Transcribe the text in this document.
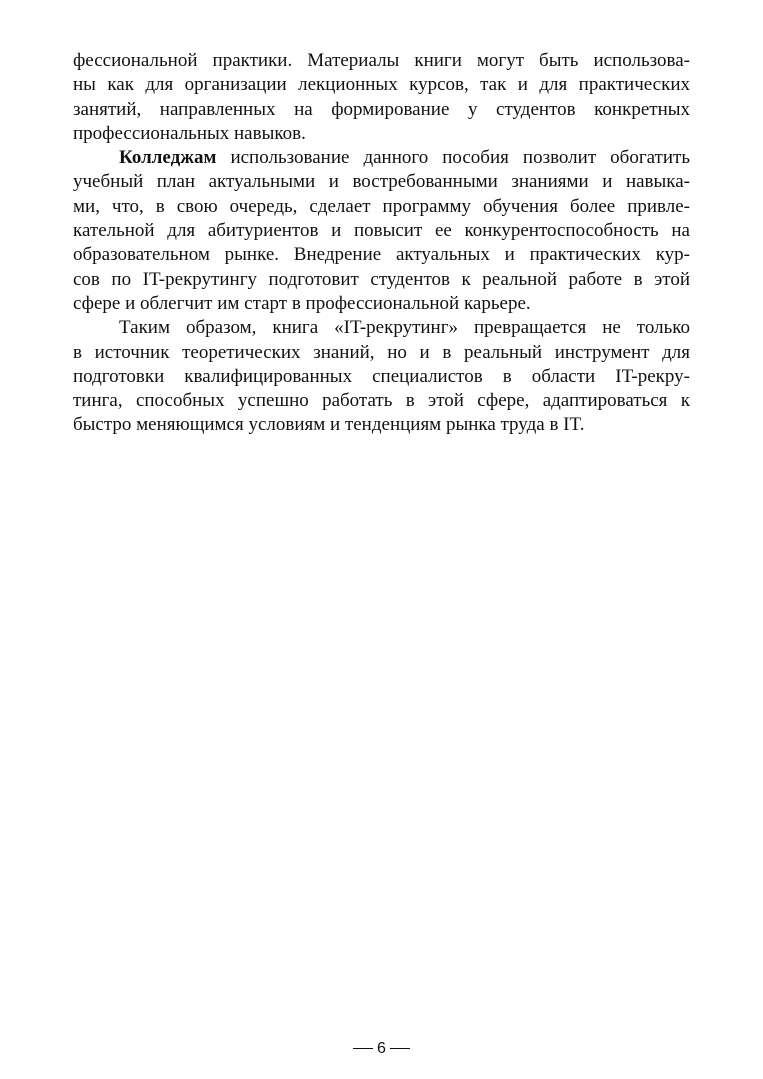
фессиональной практики. Материалы книги могут быть использова-
ны как для организации лекционных курсов, так и для практических
занятий, направленных на формирование у студентов конкретных
профессиональных навыков.
Колледжам использование данного пособия позволит обогатить
учебный план актуальными и востребованными знаниями и навыка-
ми, что, в свою очередь, сделает программу обучения более привле-
кательной для абитуриентов и повысит ее конкурентоспособность на
образовательном рынке. Внедрение актуальных и практических кур-
сов по IT-рекрутингу подготовит студентов к реальной работе в этой
сфере и облегчит им старт в профессиональной карьере.
Таким образом, книга «IT-рекрутинг» превращается не только
в источник теоретических знаний, но и в реальный инструмент для
подготовки квалифицированных специалистов в области IT-рекру-
тинга, способных успешно работать в этой сфере, адаптироваться к
быстро меняющимся условиям и тенденциям рынка труда в IT.
6
